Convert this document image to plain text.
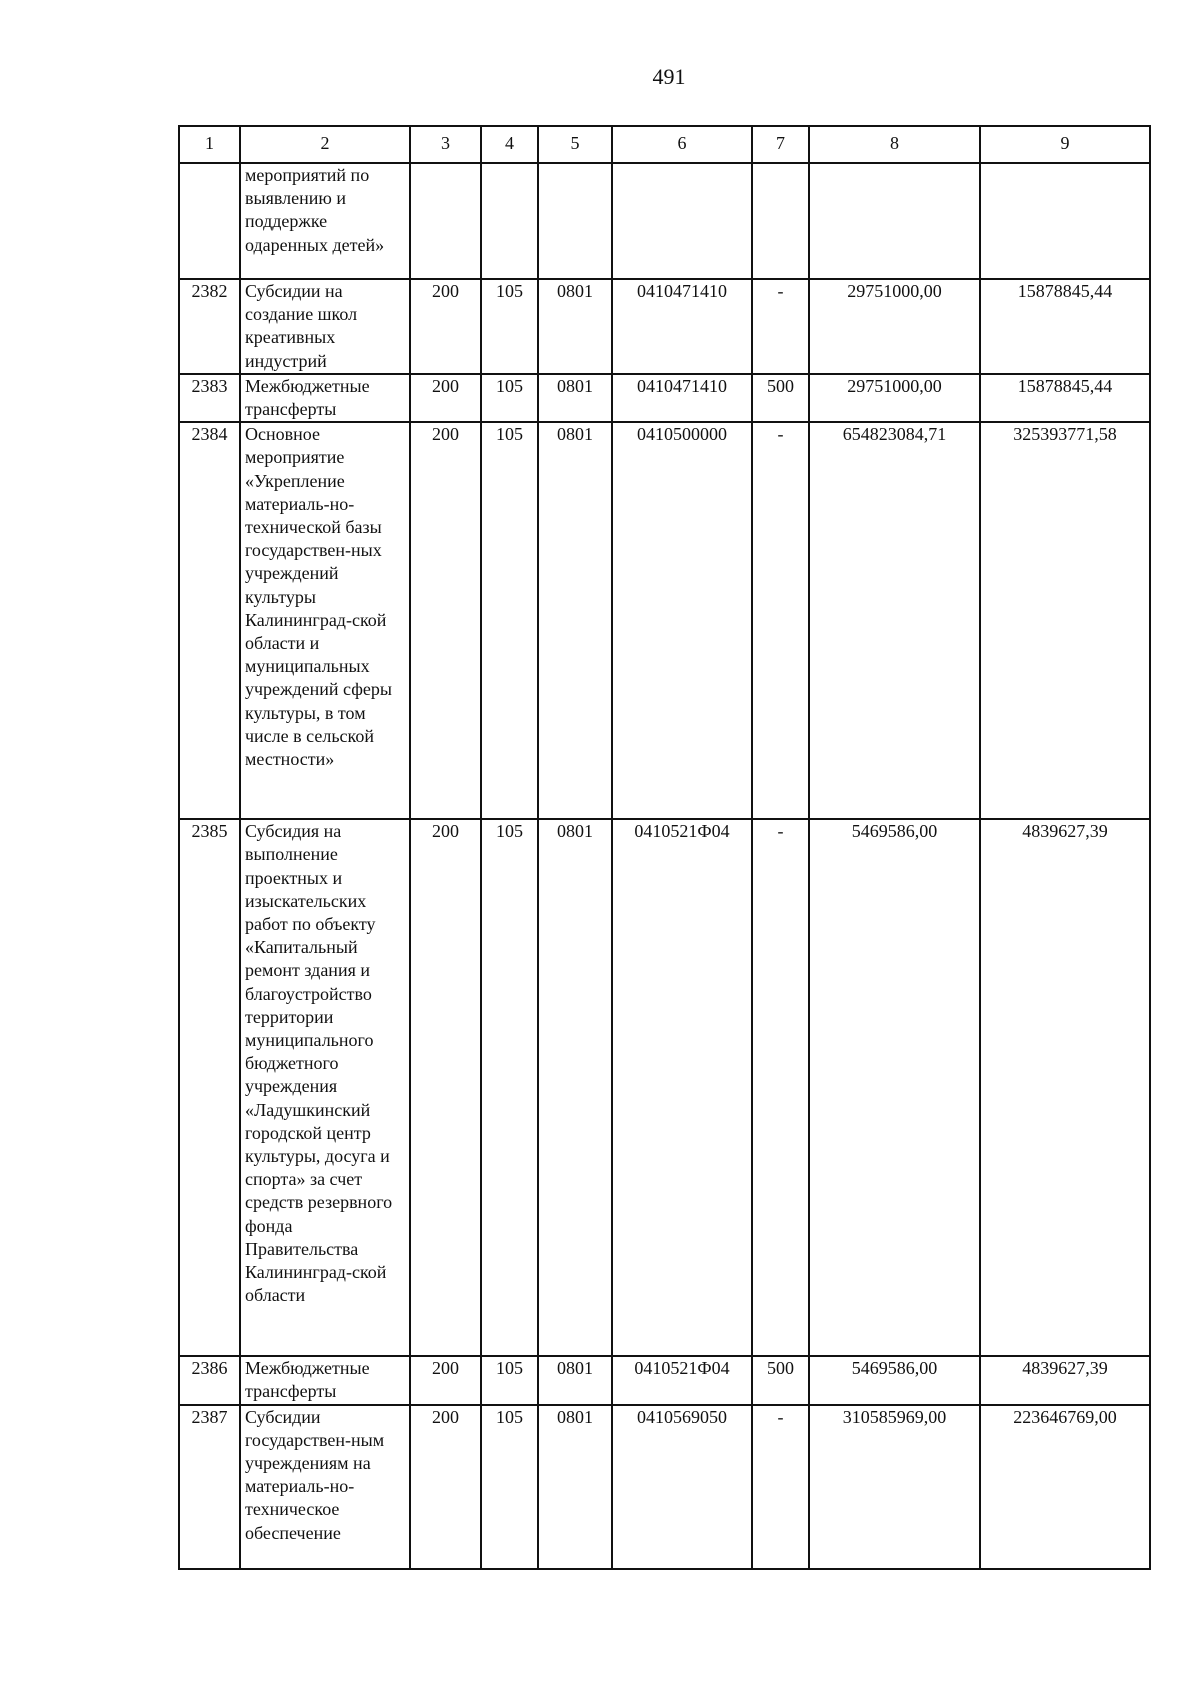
491
1	2	3	4	5	6	7	8	9
	мероприятий по выявлению и поддержке одаренных детей»							
2382	Субсидии на создание школ креативных индустрий	200	105	0801	0410471410	-	29751000,00	15878845,44
2383	Межбюджетные трансферты	200	105	0801	0410471410	500	29751000,00	15878845,44
2384	Основное мероприятие «Укрепление материаль-но-технической базы государствен-ных учреждений культуры Калининград-ской области и муниципальных учреждений сферы культуры, в том числе в сельской местности»	200	105	0801	0410500000	-	654823084,71	325393771,58
2385	Субсидия на выполнение проектных и изыскательских работ по объекту «Капитальный ремонт здания и благоустройство территории муниципального бюджетного учреждения «Ладушкинский городской центр культуры, досуга и спорта» за счет средств резервного фонда Правительства Калининград-ской области	200	105	0801	0410521Ф04	-	5469586,00	4839627,39
2386	Межбюджетные трансферты	200	105	0801	0410521Ф04	500	5469586,00	4839627,39
2387	Субсидии государствен-ным учреждениям на материаль-но-техническое обеспечение	200	105	0801	0410569050	-	310585969,00	223646769,00
